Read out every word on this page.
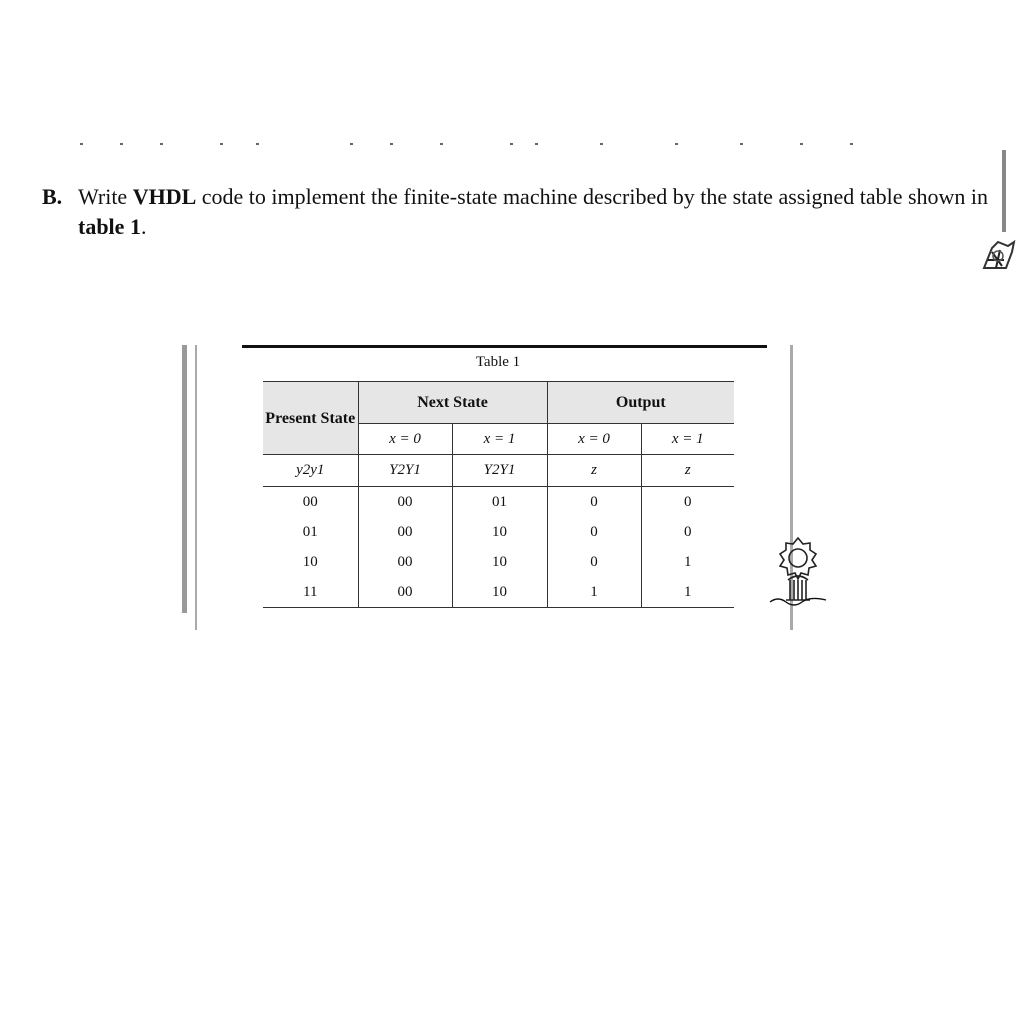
B. Write VHDL code to implement the finite-state machine described by the state assigned table shown in table 1.
Table 1
Present State	Next State		Output	
	x = 0	x = 1	x = 0	x = 1
y2y1	Y2Y1	Y2Y1	z	z
00	00	01	0	0
01	00	10	0	0
10	00	10	0	1
11	00	10	1	1
